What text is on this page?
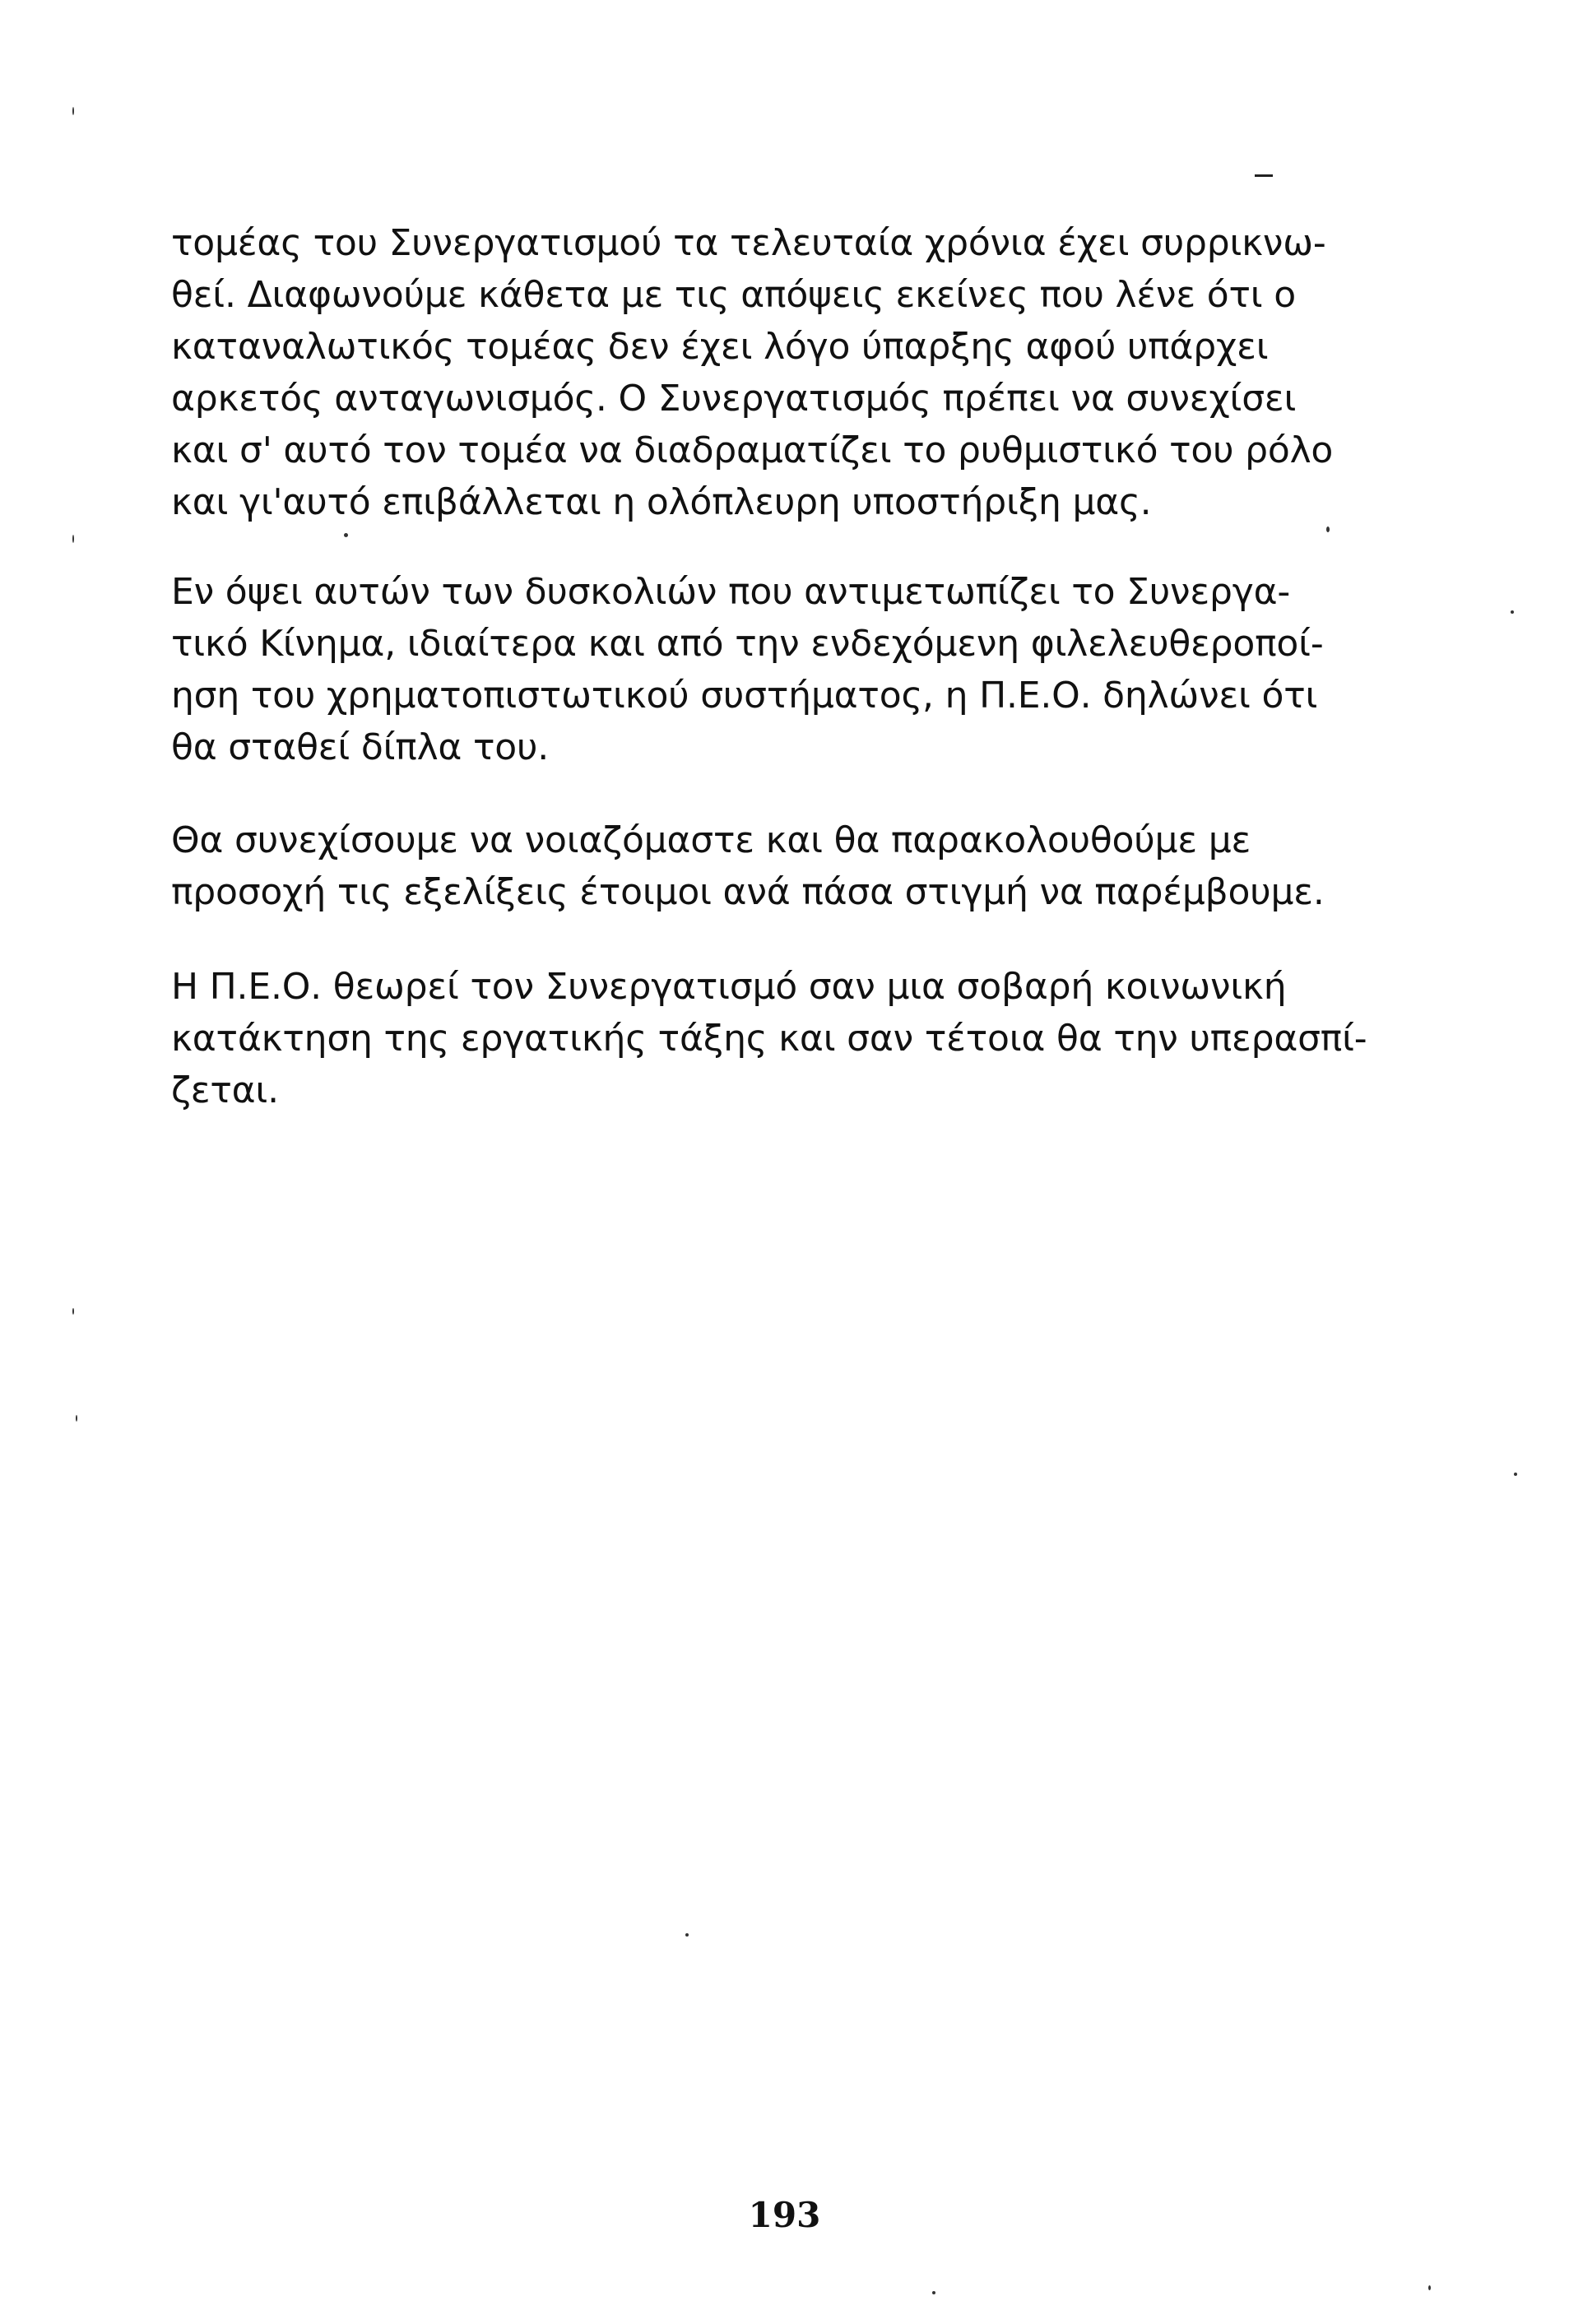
τομέας του Συνεργατισμού τα τελευταία χρόνια έχει συρρικνω-
θεί. Διαφωνούμε κάθετα με τις απόψεις εκείνες που λένε ότι ο
καταναλωτικός τομέας δεν έχει λόγο ύπαρξης αφού υπάρχει
αρκετός ανταγωνισμός. Ο Συνεργατισμός πρέπει να συνεχίσει
και σ' αυτό τον τομέα να διαδραματίζει το ρυθμιστικό του ρόλο
και γι'αυτό επιβάλλεται η ολόπλευρη υποστήριξη μας.
Εν όψει αυτών των δυσκολιών που αντιμετωπίζει το Συνεργα-
τικό Κίνημα, ιδιαίτερα και από την ενδεχόμενη φιλελευθεροποί-
ηση του χρηματοπιστωτικού συστήματος, η Π.Ε.Ο. δηλώνει ότι
θα σταθεί δίπλα του.
Θα συνεχίσουμε να νοιαζόμαστε και θα παρακολουθούμε με
προσοχή τις εξελίξεις έτοιμοι ανά πάσα στιγμή να παρέμβουμε.
Η Π.Ε.Ο. θεωρεί τον Συνεργατισμό σαν μια σοβαρή κοινωνική
κατάκτηση της εργατικής τάξης και σαν τέτοια θα την υπερασπί-
ζεται.
193
